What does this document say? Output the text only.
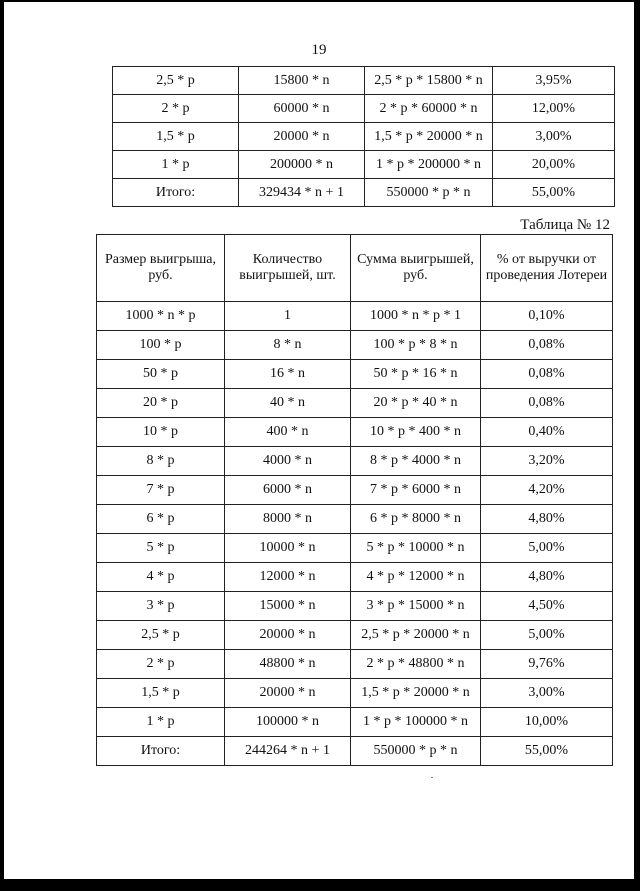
19
2,5 * p	15800 * n	2,5 * p * 15800 * n	3,95%
2 * p	60000 * n	2 * p * 60000 * n	12,00%
1,5 * p	20000 * n	1,5 * p * 20000 * n	3,00%
1 * p	200000 * n	1 * p * 200000 * n	20,00%
Итого:	329434 * n + 1	550000 * p * n	55,00%
Таблица № 12
Размер выигрыша, руб.	Количество выигрышей, шт.	Сумма выигрышей, руб.	% от выручки от проведения Лотереи
1000 * n * p	1	1000 * n * p * 1	0,10%
100 * p	8 * n	100 * p * 8 * n	0,08%
50 * p	16 * n	50 * p * 16 * n	0,08%
20 * p	40 * n	20 * p * 40 * n	0,08%
10 * p	400 * n	10 * p * 400 * n	0,40%
8 * p	4000 * n	8 * p * 4000 * n	3,20%
7 * p	6000 * n	7 * p * 6000 * n	4,20%
6 * p	8000 * n	6 * p * 8000 * n	4,80%
5 * p	10000 * n	5 * p * 10000 * n	5,00%
4 * p	12000 * n	4 * p * 12000 * n	4,80%
3 * p	15000 * n	3 * p * 15000 * n	4,50%
2,5 * p	20000 * n	2,5 * p * 20000 * n	5,00%
2 * p	48800 * n	2 * p * 48800 * n	9,76%
1,5 * p	20000 * n	1,5 * p * 20000 * n	3,00%
1 * p	100000 * n	1 * p * 100000 * n	10,00%
Итого:	244264 * n + 1	550000 * p * n	55,00%
